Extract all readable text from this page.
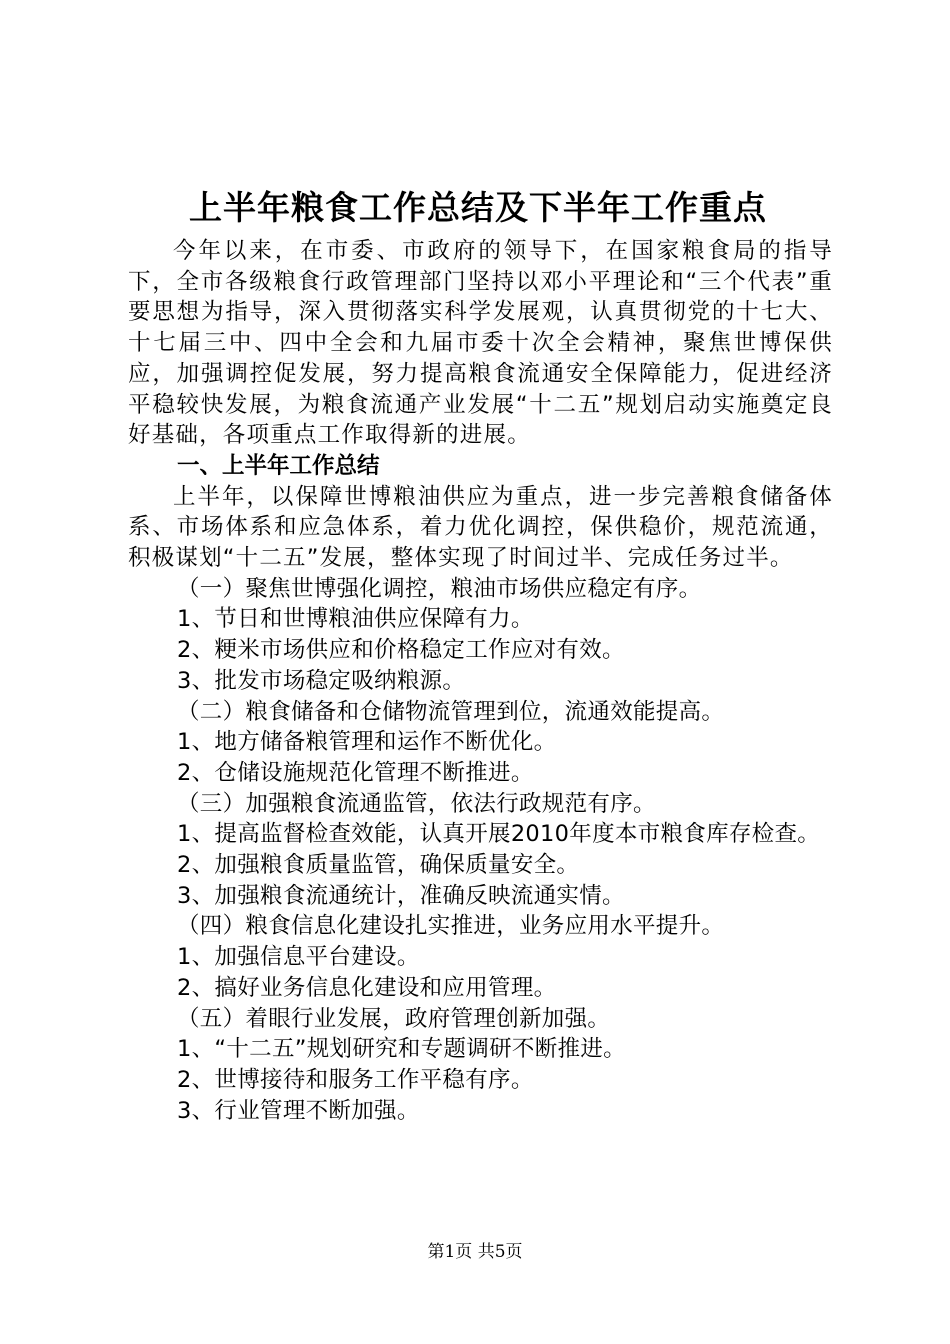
上半年粮食工作总结及下半年工作重点

今年以来，在市委、市政府的领导下，在国家粮食局的指导下，全市各级粮食行政管理部门坚持以邓小平理论和“三个代表”重要思想为指导，深入贯彻落实科学发展观，认真贯彻党的十七大、十七届三中、四中全会和九届市委十次全会精神，聚焦世博保供应，加强调控促发展，努力提高粮食流通安全保障能力，促进经济平稳较快发展，为粮食流通产业发展“十二五”规划启动实施奠定良好基础，各项重点工作取得新的进展。

一、上半年工作总结

上半年，以保障世博粮油供应为重点，进一步完善粮食储备体系、市场体系和应急体系，着力优化调控，保供稳价，规范流通，积极谋划“十二五”发展，整体实现了时间过半、完成任务过半。

（一）聚焦世博强化调控，粮油市场供应稳定有序。

1、节日和世博粮油供应保障有力。

2、粳米市场供应和价格稳定工作应对有效。

3、批发市场稳定吸纳粮源。

（二）粮食储备和仓储物流管理到位，流通效能提高。

1、地方储备粮管理和运作不断优化。

2、仓储设施规范化管理不断推进。

（三）加强粮食流通监管，依法行政规范有序。

1、提高监督检查效能，认真开展2010年度本市粮食库存检查。

2、加强粮食质量监管，确保质量安全。

3、加强粮食流通统计，准确反映流通实情。

（四）粮食信息化建设扎实推进，业务应用水平提升。

1、加强信息平台建设。

2、搞好业务信息化建设和应用管理。

（五）着眼行业发展，政府管理创新加强。

1、“十二五”规划研究和专题调研不断推进。

2、世博接待和服务工作平稳有序。

3、行业管理不断加强。

第1页 共5页
